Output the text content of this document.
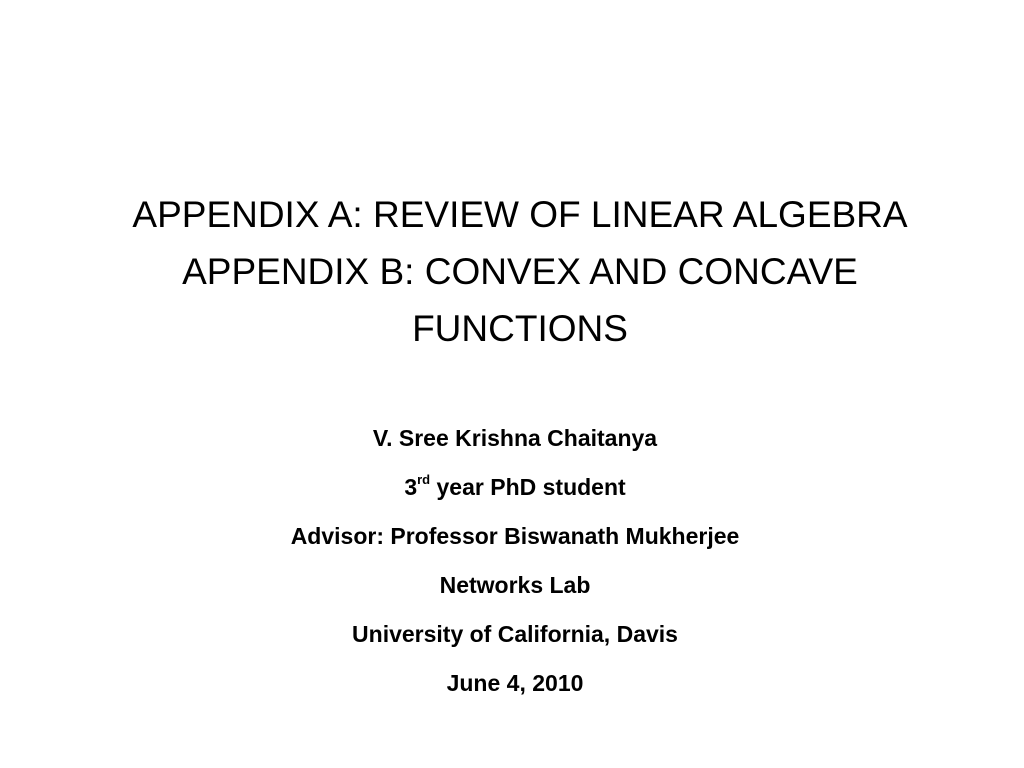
APPENDIX A: REVIEW OF LINEAR ALGEBRA
APPENDIX B: CONVEX AND CONCAVE
FUNCTIONS
V. Sree Krishna Chaitanya
3rd year PhD student
Advisor: Professor Biswanath Mukherjee
Networks Lab
University of California, Davis
June 4, 2010
